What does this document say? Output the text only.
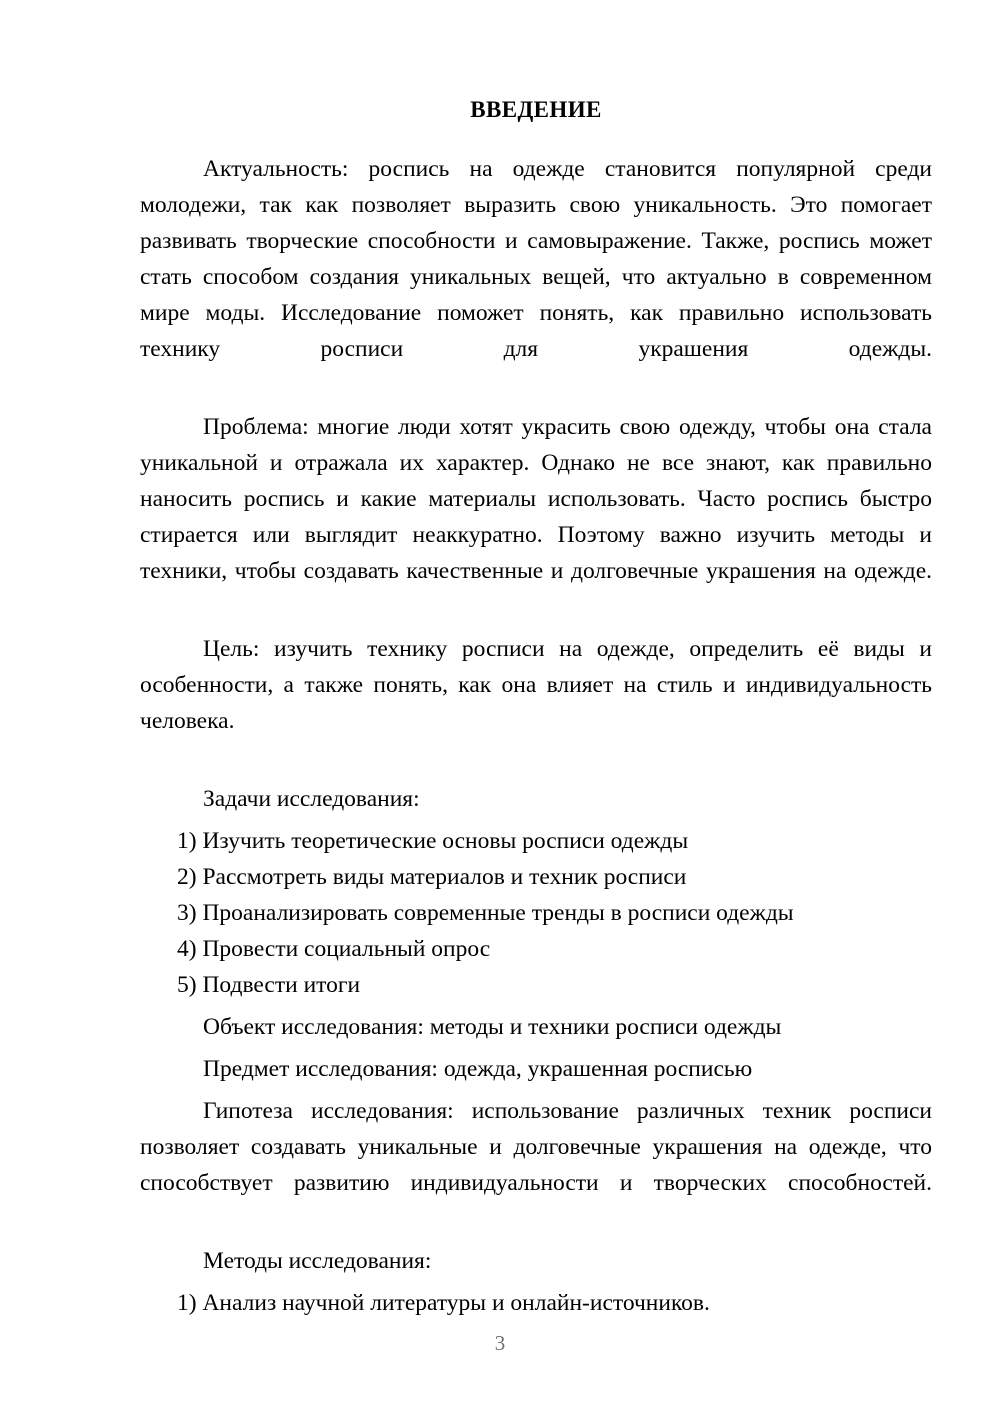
ВВЕДЕНИЕ

Актуальность: роспись на одежде становится популярной среди молодежи, так как позволяет выразить свою уникальность. Это помогает развивать творческие способности и самовыражение. Также, роспись может стать способом создания уникальных вещей, что актуально в современном мире моды. Исследование поможет понять, как правильно использовать технику росписи для украшения одежды.

Проблема: многие люди хотят украсить свою одежду, чтобы она стала уникальной и отражала их характер. Однако не все знают, как правильно наносить роспись и какие материалы использовать. Часто роспись быстро стирается или выглядит неаккуратно. Поэтому важно изучить методы и техники, чтобы создавать качественные и долговечные украшения на одежде.

Цель: изучить технику росписи на одежде, определить её виды и особенности, а также понять, как она влияет на стиль и индивидуальность человека.

Задачи исследования:

1) Изучить теоретические основы росписи одежды
2) Рассмотреть виды материалов и техник росписи
3) Проанализировать современные тренды в росписи одежды
4) Провести социальный опрос
5) Подвести итоги

Объект исследования: методы и техники росписи одежды

Предмет исследования: одежда, украшенная росписью

Гипотеза исследования: использование различных техник росписи позволяет создавать уникальные и долговечные украшения на одежде, что способствует развитию индивидуальности и творческих способностей.

Методы исследования:

1) Анализ научной литературы и онлайн-источников.
3
